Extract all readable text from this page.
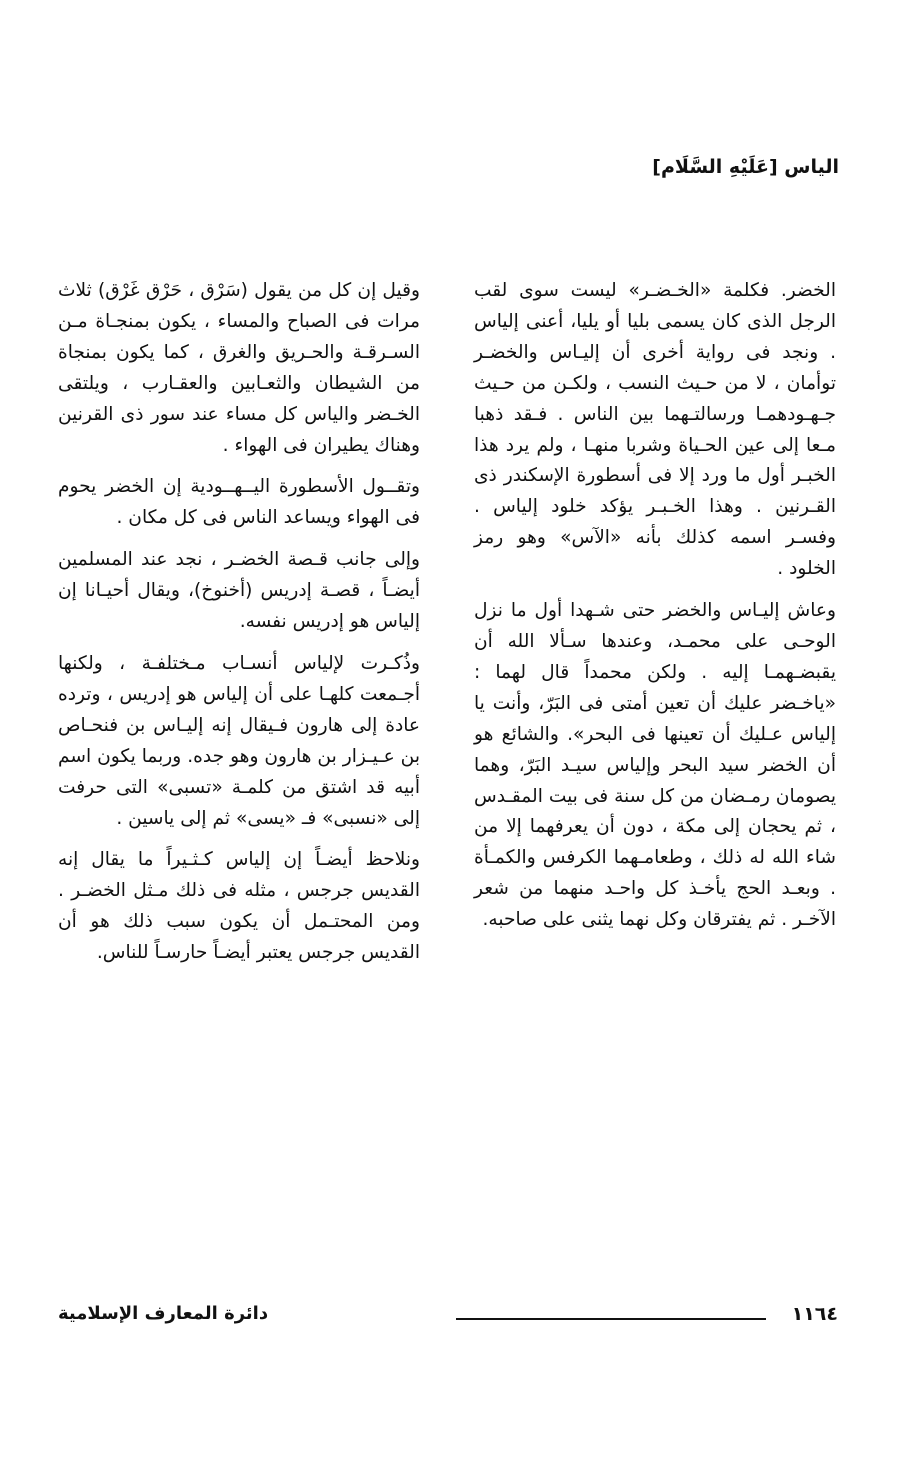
الياس [عَلَيْهِ السَّلَام]

الخضر. فكلمة «الخـضـر» ليست سوى لقب الرجل الذى كان يسمى بليا أو يليا، أعنى إلياس . ونجد فى رواية أخرى أن إليـاس والخضـر توأمان ، لا من حـيث النسب ، ولكـن من حـيث جـهـودهمـا ورسالتـهما بين الناس . فـقد ذهبا مـعا إلى عين الحـياة وشربا منهـا ، ولم يرد هذا الخبـر أول ما ورد إلا فى أسطورة الإسكندر ذى القـرنين . وهذا الخـبـر يؤكد خلود إلياس . وفسـر اسمه كذلك بأنه «الآس» وهو رمز الخلود .

وعاش إليـاس والخضر حتى شـهدا أول ما نزل الوحـى على محمـد، وعندها سـألا الله أن يقبضـهمـا إليه . ولكن محمداً قال لهما : «ياخـضر عليك أن تعين أمتى فى البَرّ، وأنت يا إلياس عـليك أن تعينها فى البحر». والشائع هو أن الخضر سيد البحر وإلياس سيـد البَرّ، وهما يصومان رمـضان من كل سنة فى بيت المقـدس ، ثم يحجان إلى مكة ، دون أن يعرفهما إلا من شاء الله له ذلك ، وطعامـهما الكرفس والكمـأة . وبعـد الحج يأخـذ كل واحـد منهما من شعر الآخـر . ثم يفترقان وكل نهما يثنى على صاحبه.

وقيل إن كل من يقول (سَرْق ، حَرْق غَرْق) ثلاث مرات فى الصباح والمساء ، يكون بمنجـاة مـن السـرقـة والحـريق والغرق ، كما يكون بمنجاة من الشيطان والثعـابين والعقـارب ، ويلتقى الخـضر والياس كل مساء عند سور ذى القرنين وهناك يطيران فى الهواء .

وتقــول الأسطورة اليــهــودية إن الخضر يحوم فى الهواء ويساعد الناس فى كل مكان .

وإلى جانب قـصة الخضـر ، نجد عند المسلمين أيضـاً ، قصـة إدريس (أخنوخ)، ويقال أحيـانا إن إلياس هو إدريس نفسه.

وذُكـرت لإلياس أنسـاب مـختلفـة ، ولكنها أجـمعت كلهـا على أن إلياس هو إدريس ، وترده عادة إلى هارون فـيقال إنه إليـاس بن فنحـاص بن عـيـزار بن هارون وهو جده. وربما يكون اسم أبيه قد اشتق من كلمـة «تسبى» التى حرفت إلى «نسبى» فـ «يسى» ثم إلى ياسين .

ونلاحظ أيضـاً إن إلياس كـثـيراً ما يقال إنه القديس جرجس ، مثله فى ذلك مـثل الخضـر . ومن المحتـمل أن يكون سبب ذلك هو أن القديس جرجس يعتبر أيضـاً حارسـاً للناس.

١١٦٤
دائرة المعارف الإسلامية
